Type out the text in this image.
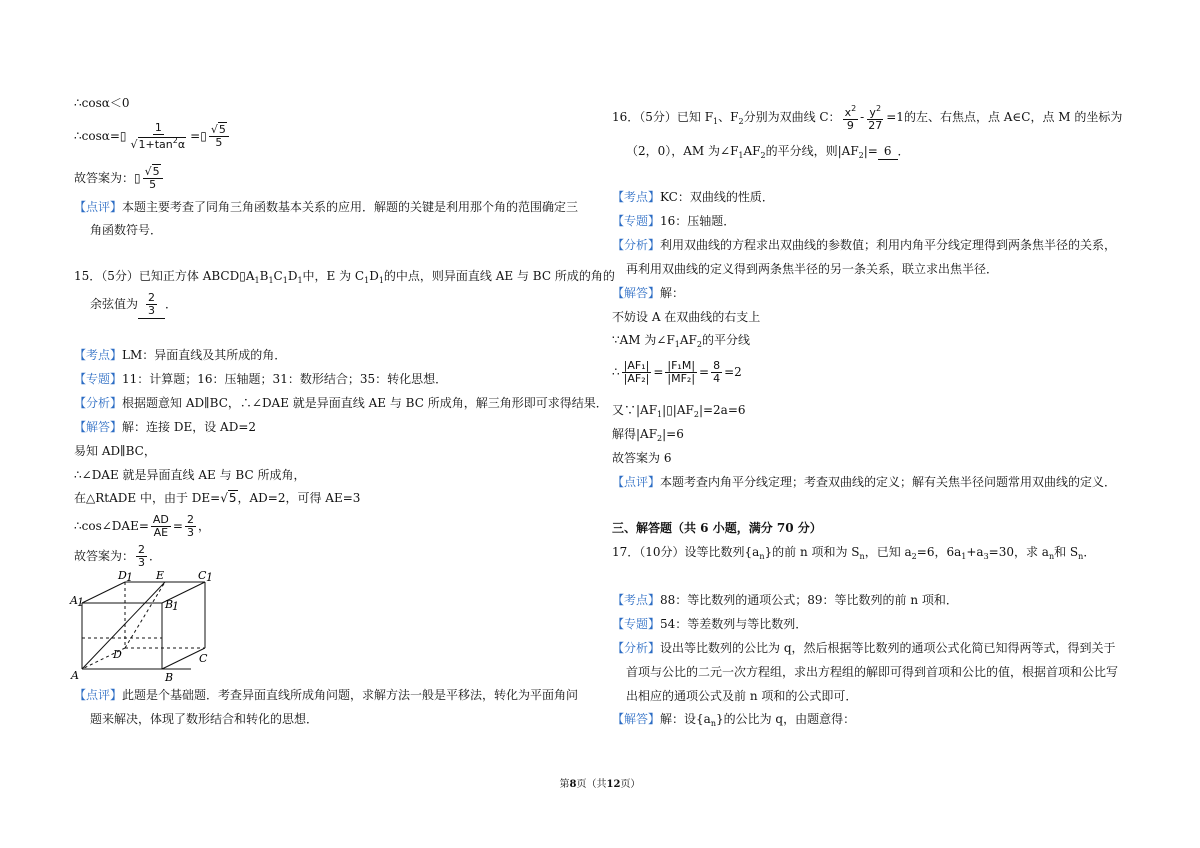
∴cosα＜0
∴cosα=▯ $\frac{1}{√1+\tan^2\alpha}$ =▯ $\frac{√5}{5}$
故答案为：▯ $\frac{√5}{5}$
【点评】本题主要考查了同角三角函数基本关系的应用．解题的关键是利用那个角的范围确定三
角函数符号．
15．（5分）已知正方体 $ABCD▯A_1B_1C_1D_1$中，E 为 $C_1D_1$的中点，则异面直线 AE 与 BC 所成的角的
余弦值为 $\frac{2}{3}$ ．
【考点】LM：异面直线及其所成的角．
【专题】11：计算题；16：压轴题；31：数形结合；35：转化思想．
【分析】根据题意知 AD∥BC，∴∠DAE 就是异面直线 AE 与 BC 所成角，解三角形即可求得结果．
【解答】解：连接 DE，设 AD=2
易知 AD∥BC，
∴∠DAE 就是异面直线 AE 与 BC 所成角，
在△RtADE 中，由于 DE=√5，AD=2，可得 AE=3
∴cos∠DAE= $\frac{AD}{AE} = \frac{2}{3}$ ，
故答案为： $\frac{2}{3}$ ．
D 1 E	C 1
A 1	B
1
D	C
A	B
【点评】此题是个基础题．考查异面直线所成角问题，求解方法一般是平移法，转化为平面角问
题来解决，体现了数形结合和转化的思想．
16．（5分）已知 $F_1$、$F_2$分别为双曲线 C： $\frac{x^2}{9} - \frac{y^2}{27} =1$的左、右焦点，点 A∈C，点 M 的坐标为
（2，0），AM 为$\angle F_1AF_2$的平分线，则$|AF_2|= 6$ ．
【考点】KC：双曲线的性质．
【专题】16：压轴题．
【分析】利用双曲线的方程求出双曲线的参数值；利用内角平分线定理得到两条焦半径的关系，
再利用双曲线的定义得到两条焦半径的另一条关系，联立求出焦半径．
【解答】解：
不妨设 A 在双曲线的右支上
∵AM 为$\angle F_1AF_2$的平分线
∴ $\frac{\text{|AF₁|}}{\text{|AF₂|}} = \frac{\text{|F₁M|}}{\text{|MF₂|}} = \frac{8}{4} =2$
又$\because|AF_1|▯|AF_2|=2a=6$
解得$|AF_2|=6$
故答案为 6
【点评】本题考查内角平分线定理；考查双曲线的定义；解有关焦半径问题常用双曲线的定义．
三、解答题（共 6 小题，满分 70 分）
17．（10分）设等比数列$\{a_n\}$的前 n 项和为 $S_n$，已知 $a_2=6$，$6a_1+a_3=30$，求 $a_n$和 $S_n$．
【考点】88：等比数列的通项公式；89：等比数列的前 n 项和．
【专题】54：等差数列与等比数列．
【分析】设出等比数列的公比为 q，然后根据等比数列的通项公式化简已知得两等式，得到关于
首项与公比的二元一次方程组，求出方程组的解即可得到首项和公比的值，根据首项和公比写
出相应的通项公式及前 n 项和的公式即可．
【解答】解：设$\{a_n\}$的公比为 q，由题意得：
第8页（共12页）
